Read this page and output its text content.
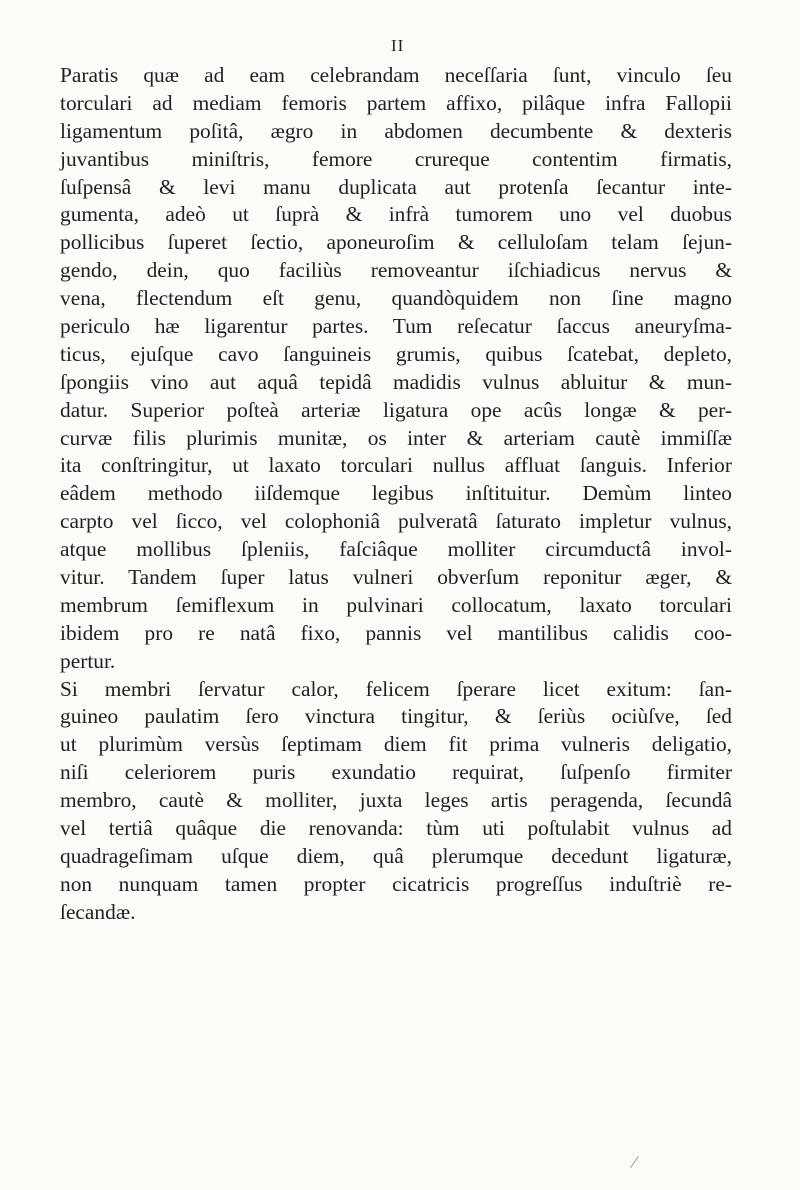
II
Paratis quæ ad eam celebrandam neceſſaria ſunt, vinculo ſeu
torculari ad mediam femoris partem affixo, pilâque infra Fallopii
ligamentum poſitâ, ægro in abdomen decumbente & dexteris
juvantibus miniſtris, femore crureque contentim firmatis,
ſuſpensâ & levi manu duplicata aut protenſa ſecantur inte-
gumenta, adeò ut ſuprà & infrà tumorem uno vel duobus
pollicibus ſuperet ſectio, aponeuroſim & celluloſam telam ſejun-
gendo, dein, quo faciliùs removeantur iſchiadicus nervus &
vena, flectendum eſt genu, quandòquidem non ſine magno
periculo hæ ligarentur partes. Tum reſecatur ſaccus aneuryſma-
ticus, ejuſque cavo ſanguineis grumis, quibus ſcatebat, depleto,
ſpongiis vino aut aquâ tepidâ madidis vulnus abluitur & mun-
datur. Superior poſteà arteriæ ligatura ope acûs longæ & per-
curvæ filis plurimis munitæ, os inter & arteriam cautè immiſſæ
ita conſtringitur, ut laxato torculari nullus affluat ſanguis. Inferior
eâdem methodo iiſdemque legibus inſtituitur. Demùm linteo
carpto vel ſicco, vel colophoniâ pulveratâ ſaturato impletur vulnus,
atque mollibus ſpleniis, faſciâque molliter circumductâ invol-
vitur. Tandem ſuper latus vulneri obverſum reponitur æger, &
membrum ſemiflexum in pulvinari collocatum, laxato torculari
ibidem pro re natâ fixo, pannis vel mantilibus calidis coo-
pertur.
Si membri ſervatur calor, felicem ſperare licet exitum: ſan-
guineo paulatim ſero vinctura tingitur, & ſeriùs ociùſve, ſed
ut plurimùm versùs ſeptimam diem fit prima vulneris deligatio,
niſi celeriorem puris exundatio requirat, ſuſpenſo firmiter
membro, cautè & molliter, juxta leges artis peragenda, ſecundâ
vel tertiâ quâque die renovanda: tùm uti poſtulabit vulnus ad
quadrageſimam uſque diem, quâ plerumque decedunt ligaturæ,
non nunquam tamen propter cicatricis progreſſus induſtriè re-
ſecandæ.
